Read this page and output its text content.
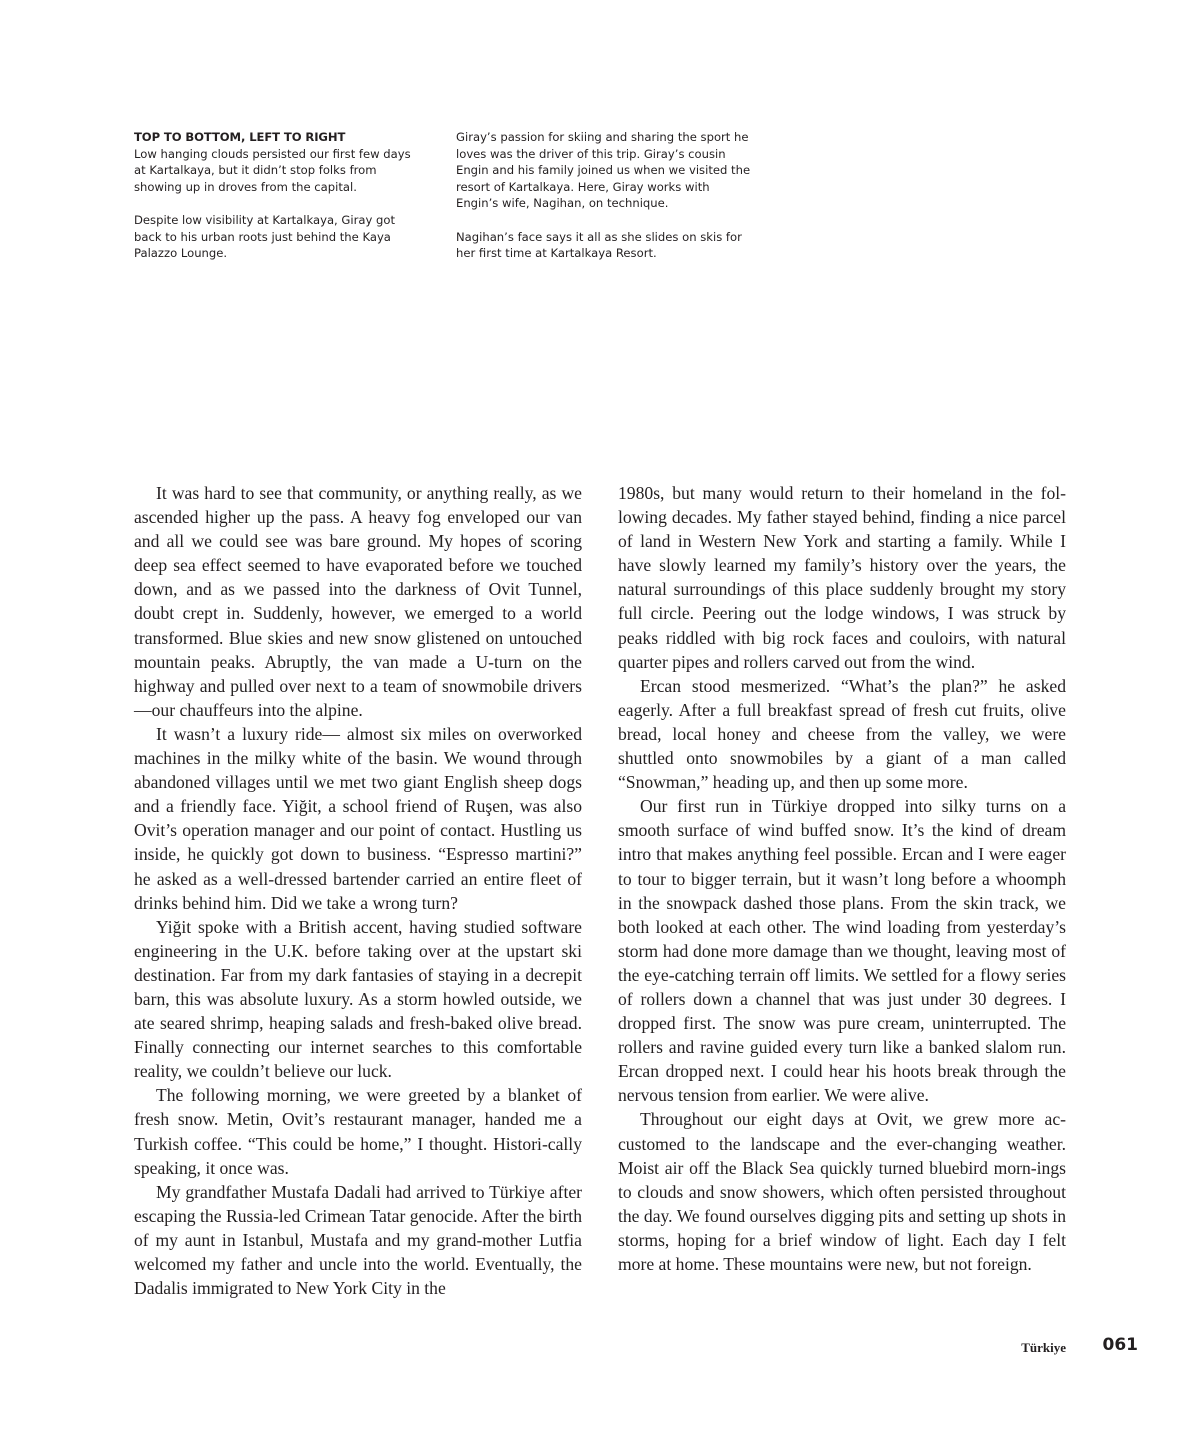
TOP TO BOTTOM, LEFT TO RIGHT

Low hanging clouds persisted our first few days at Kartalkaya, but it didn’t stop folks from showing up in droves from the capital.

Despite low visibility at Kartalkaya, Giray got back to his urban roots just behind the Kaya Palazzo Lounge.

Giray’s passion for skiing and sharing the sport he loves was the driver of this trip. Giray’s cousin Engin and his family joined us when we visited the resort of Kartalkaya. Here, Giray works with Engin’s wife, Nagihan, on technique.

Nagihan’s face says it all as she slides on skis for her first time at Kartalkaya Resort.

It was hard to see that community, or anything really, as we ascended higher up the pass. A heavy fog enveloped our van and all we could see was bare ground. My hopes of scoring deep sea effect seemed to have evaporated before we touched down, and as we passed into the darkness of Ovit Tunnel, doubt crept in. Suddenly, however, we emerged to a world transformed. Blue skies and new snow glistened on untouched mountain peaks. Abruptly, the van made a U-turn on the highway and pulled over next to a team of snowmobile drivers—our chauffeurs into the alpine.

It wasn’t a luxury ride— almost six miles on overworked machines in the milky white of the basin. We wound through abandoned villages until we met two giant English sheep dogs and a friendly face. Yiğit, a school friend of Ruşen, was also Ovit’s operation manager and our point of contact. Hustling us inside, he quickly got down to business. “Espresso martini?” he asked as a well-dressed bartender carried an entire fleet of drinks behind him. Did we take a wrong turn?

Yiğit spoke with a British accent, having studied software engineering in the U.K. before taking over at the upstart ski destination. Far from my dark fantasies of staying in a decrepit barn, this was absolute luxury. As a storm howled outside, we ate seared shrimp, heaping salads and fresh-baked olive bread. Finally connecting our internet searches to this comfortable reality, we couldn’t believe our luck.

The following morning, we were greeted by a blanket of fresh snow. Metin, Ovit’s restaurant manager, handed me a Turkish coffee. “This could be home,” I thought. Histori-cally speaking, it once was.

My grandfather Mustafa Dadali had arrived to Türkiye after escaping the Russia-led Crimean Tatar genocide. After the birth of my aunt in Istanbul, Mustafa and my grand-mother Lutfia welcomed my father and uncle into the world. Eventually, the Dadalis immigrated to New York City in the

1980s, but many would return to their homeland in the fol-lowing decades. My father stayed behind, finding a nice parcel of land in Western New York and starting a family. While I have slowly learned my family’s history over the years, the natural surroundings of this place suddenly brought my story full circle. Peering out the lodge windows, I was struck by peaks riddled with big rock faces and couloirs, with natural quarter pipes and rollers carved out from the wind.

Ercan stood mesmerized. “What’s the plan?” he asked eagerly. After a full breakfast spread of fresh cut fruits, olive bread, local honey and cheese from the valley, we were shuttled onto snowmobiles by a giant of a man called “Snowman,” heading up, and then up some more.

Our first run in Türkiye dropped into silky turns on a smooth surface of wind buffed snow. It’s the kind of dream intro that makes anything feel possible. Ercan and I were eager to tour to bigger terrain, but it wasn’t long before a whoomph in the snowpack dashed those plans. From the skin track, we both looked at each other. The wind loading from yesterday’s storm had done more damage than we thought, leaving most of the eye-catching terrain off limits. We settled for a flowy series of rollers down a channel that was just under 30 degrees. I dropped first. The snow was pure cream, uninterrupted. The rollers and ravine guided every turn like a banked slalom run. Ercan dropped next. I could hear his hoots break through the nervous tension from earlier. We were alive.

Throughout our eight days at Ovit, we grew more ac-customed to the landscape and the ever-changing weather. Moist air off the Black Sea quickly turned bluebird morn-ings to clouds and snow showers, which often persisted throughout the day. We found ourselves digging pits and setting up shots in storms, hoping for a brief window of light. Each day I felt more at home. These mountains were new, but not foreign.

Türkiye 061
